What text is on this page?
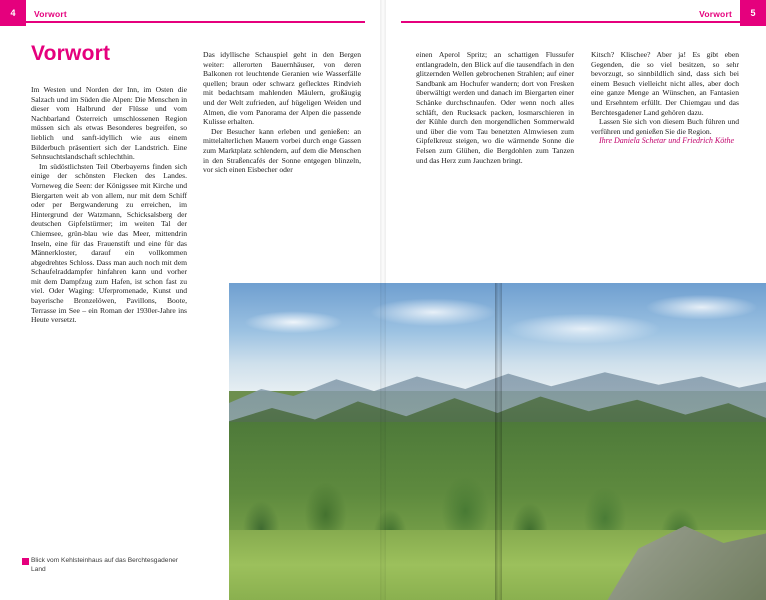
4	Vorwort	5
Vorwort
Vorwort

Im Westen und Norden der Inn, im Osten die Salzach und im Süden die Alpen: Die Menschen in dieser vom Halbrund der Flüsse und vom Nachbarland Österreich umschlossenen Region müssen sich als etwas Besonderes begreifen, so lieblich und sanft-idyllich wie aus einem Bilderbuch präsentiert sich der Landstrich. Eine Sehnsuchtslandschaft schlechthin.

Im südöstlichsten Teil Oberbayerns finden sich einige der schönsten Flecken des Landes. Vorneweg die Seen: der Königssee mit Kirche und Biergarten weit ab von allem, nur mit dem Schiff oder per Bergwanderung zu erreichen, im Hintergrund der Watzmann, Schicksalsberg der deutschen Gipfelstürmer; im weiten Tal der Chiemsee, grün-blau wie das Meer, mittendrin Inseln, eine für das Frauenstift und eine für das Männerkloster, darauf ein vollkommen abgedrehtes Schloss. Dass man auch noch mit dem Schaufelraddampfer hinfahren kann und vorher mit dem Dampfzug zum Hafen, ist schon fast zu viel. Oder Waging: Uferpromenade, Kunst und bayerische Bronzelöwen, Pavillons, Boote, Terrasse im See – ein Roman der 1930er-Jahre ins Heute versetzt.

Das idyllische Schauspiel geht in den Bergen weiter: allerorten Bauernhäuser, von deren Balkonen rot leuchtende Geranien wie Wasserfälle quellen; braun oder schwarz geflecktes Rindvieh mit bedachtsam mahlenden Mäulern, großäugig und der Welt zufrieden, auf hügeligen Weiden und Almen, die vom Panorama der Alpen die passende Kulisse erhalten.

Der Besucher kann erleben und genießen: an mittelalterlichen Mauern vorbei durch enge Gassen zum Marktplatz schlendern, auf dem die Menschen in den Straßencafés der Sonne entgegen blinzeln, vor sich einen Eisbecher oder

einen Aperol Spritz; an schattigen Flussufer entlangradeln, den Blick auf die tausendfach in den glitzernden Wellen gebrochenen Strahlen; auf einer Sandbank am Hochufer wandern; dort von Fresken überwältigt werden und danach im Biergarten einer Schänke durchschnaufen. Oder wenn noch alles schläft, den Rucksack packen, losmarschieren in der Kühle durch den morgendlichen Sommerwald und über die vom Tau benetzten Almwiesen zum Gipfelkreuz steigen, wo die wärmende Sonne die Felsen zum Glühen, die Bergdohlen zum Tanzen und das Herz zum Jauchzen bringt.

Kitsch? Klischee? Aber ja! Es gibt eben Gegenden, die so viel besitzen, so sehr bevorzugt, so sinnbildlich sind, dass sich bei einem Besuch vielleicht nicht alles, aber doch eine ganze Menge an Wünschen, an Fantasien und Ersehntem erfüllt. Der Chiemgau und das Berchtesgadener Land gehören dazu.

Lassen Sie sich von diesem Buch führen und verführen und genießen Sie die Region.

Ihre Daniela Schetar und Friedrich Köthe

Blick vom Kehlsteinhaus auf das Berchtesgadener Land
